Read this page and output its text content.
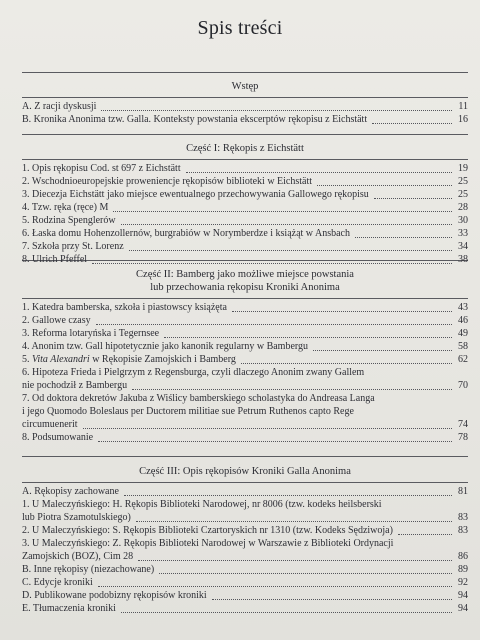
Spis treści
Wstęp
A. Z racji dyskusji	11
B. Kronika Anonima tzw. Galla. Konteksty powstania ekscerptów rękopisu z Eichstätt	16
Część I: Rękopis z Eichstätt
1. Opis rękopisu Cod. st 697 z Eichstätt	19
2. Wschodnioeuropejskie proweniencje rękopisów biblioteki w Eichstätt	25
3. Diecezja Eichstätt jako miejsce ewentualnego przechowywania Gallowego rękopisu	25
4. Tzw. ręka (ręce) M	28
5. Rodzina Spenglerów	30
6. Łaska domu Hohenzollernów, burgrabiów w Norymberdze i książąt w Ansbach	33
7. Szkoła przy St. Lorenz	34
8. Ulrich Pfeffel	38
Część II: Bamberg jako możliwe miejsce powstania
lub przechowania rękopisu Kroniki Anonima
1. Katedra bamberska, szkoła i piastowscy książęta	43
2. Gallowe czasy	46
3. Reforma lotaryńska i Tegernsee	49
4. Anonim tzw. Gall hipotetycznie jako kanonik regularny w Bambergu	58
5. Vita Alexandri w Rękopisie Zamojskich i Bamberg	62
6. Hipoteza Frieda i Pielgrzym z Regensburga, czyli dlaczego Anonim zwany Gallem
nie pochodził z Bambergu	70
7. Od doktora dekretów Jakuba z Wiślicy bamberskiego scholastyka do Andreasa Langa
i jego Quomodo Boleslaus per Ductorem militiae sue Petrum Ruthenos capto Rege
circumuenerit	74
8. Podsumowanie	78
Część III: Opis rękopisów Kroniki Galla Anonima
A. Rękopisy zachowane	81
1. U Maleczyńskiego: H. Rękopis Biblioteki Narodowej, nr 8006 (tzw. kodeks heilsberski
lub Piotra Szamotulskiego)	83
2. U Maleczyńskiego: S. Rękopis Biblioteki Czartoryskich nr 1310 (tzw. Kodeks Sędziwoja)	83
3. U Maleczyńskiego: Z. Rękopis Biblioteki Narodowej w Warszawie z Biblioteki Ordynacji
Zamojskich (BOZ), Cim 28	86
B. Inne rękopisy (niezachowane)	89
C. Edycje kroniki	92
D. Publikowane podobizny rękopisów kroniki	94
E. Tłumaczenia kroniki	94
